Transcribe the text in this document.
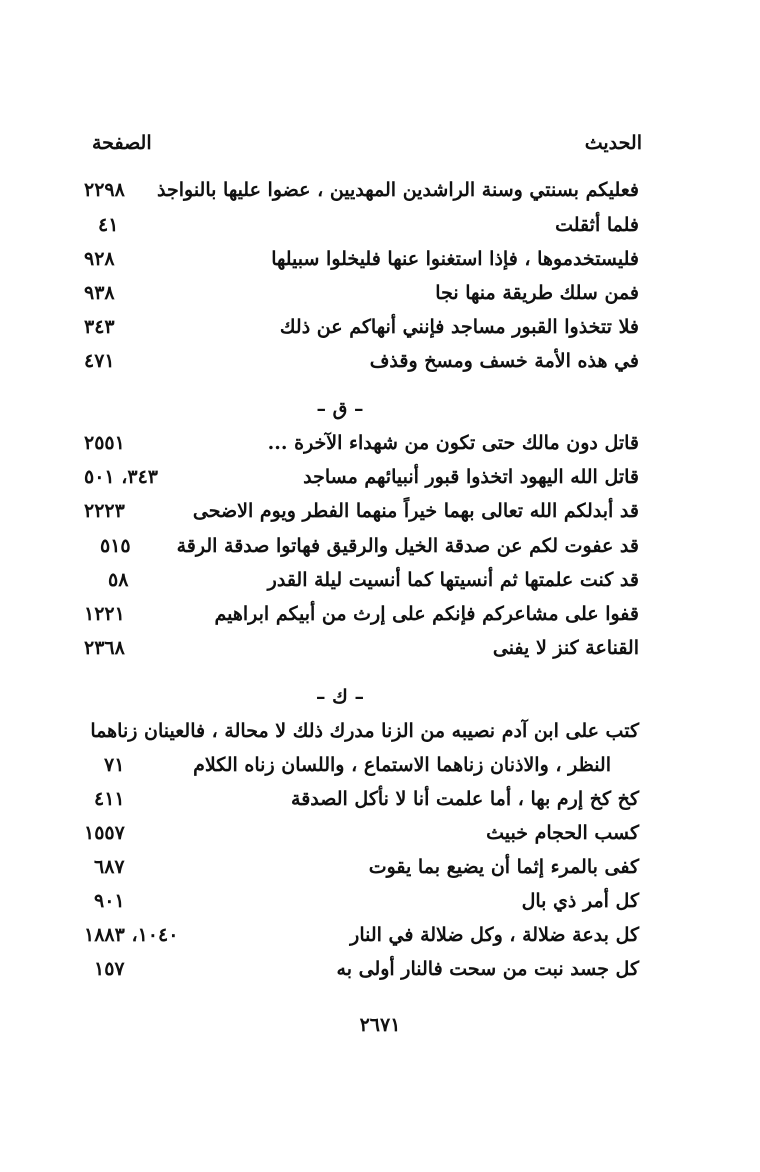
الحديث
الصفحة
فعليكم بسنتي وسنة الراشدين المهديين ، عضوا عليها بالنواجذ
٢٢٩٨
فلما أثقلت
٤١
فليستخدموها ، فإذا استغنوا عنها فليخلوا سبيلها
٩٢٨
فمن سلك طريقة منها نجا
٩٣٨
فلا تتخذوا القبور مساجد فإنني أنهاكم عن ذلك
٣٤٣
في هذه الأمة خسف ومسخ وقذف
٤٧١
– ق –
قاتل دون مالك حتى تكون من شهداء الآخرة ...
٢٥٥١
قاتل الله اليهود اتخذوا قبور أنبيائهم مساجد
٣٤٣، ٥٠١
قد أبدلكم الله تعالى بهما خيراً منهما الفطر ويوم الاضحى
٢٢٢٣
قد عفوت لكم عن صدقة الخيل والرقيق فهاتوا صدقة الرقة
٥١٥
قد كنت علمتها ثم أنسيتها كما أنسيت ليلة القدر
٥٨
قفوا على مشاعركم فإنكم على إرث من أبيكم ابراهيم
١٢٢١
القناعة كنز لا يفنى
٢٣٦٨
– ك –
كتب على ابن آدم نصيبه من الزنا مدرك ذلك لا محالة ، فالعينان زناهما
النظر ، والاذنان زناهما الاستماع ، واللسان زناه الكلام
٧١
كخ كخ إرم بها ، أما علمت أنا لا نأكل الصدقة
٤١١
كسب الحجام خبيث
١٥٥٧
كفى بالمرء إثما أن يضيع بما يقوت
٦٨٧
كل أمر ذي بال
٩٠١
كل بدعة ضلالة ، وكل ضلالة في النار
١٠٤٠، ١٨٨٣
كل جسد نبت من سحت فالنار أولى به
١٥٧
٢٦٧١
